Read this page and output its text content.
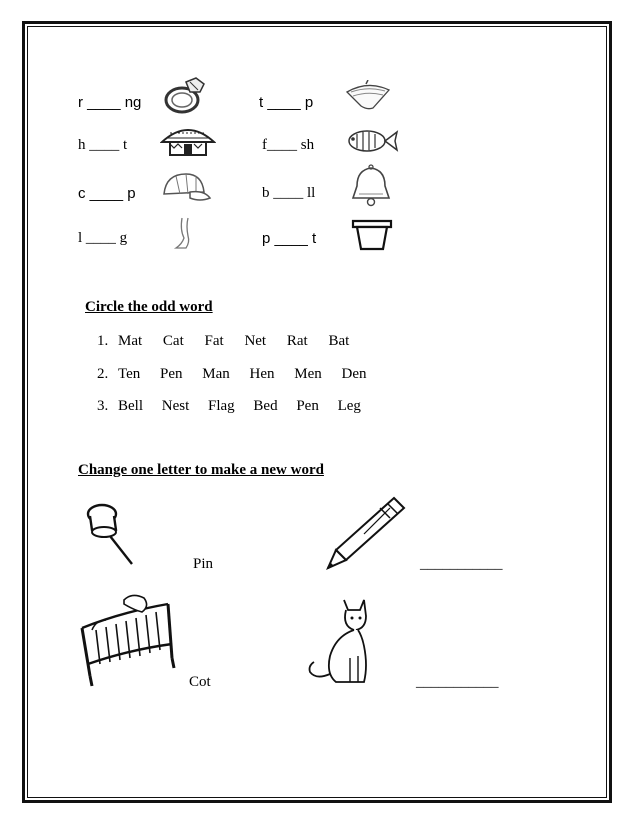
r ____ ng	t ____ p
h ____ t	f____ sh
c ____ p	b ____ ll
l ____ g	p ____ t
Circle the odd word
1. Mat Cat Fat Net Rat Bat
2. Ten Pen Man Hen Men Den
3. Bell Nest Flag Bed Pen Leg
Change one letter to make a new word
Pin	___________
Cot	___________
